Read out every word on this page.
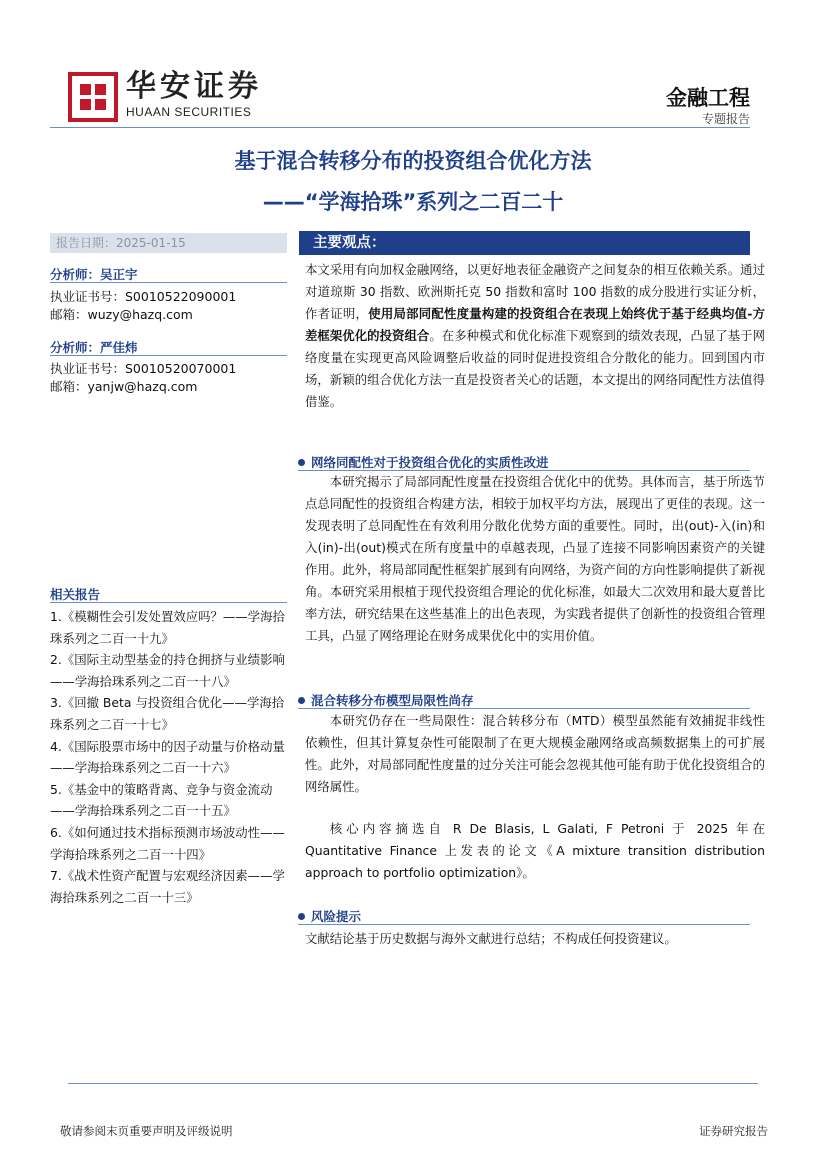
华安证券
HUAAN SECURITIES
金融工程
专题报告
基于混合转移分布的投资组合优化方法
——“学海拾珠”系列之二百二十
报告日期：2025-01-15
分析师：吴正宇
执业证书号：S0010522090001
邮箱：wuzy@hazq.com
分析师：严佳炜
执业证书号：S0010520070001
邮箱：yanjw@hazq.com
相关报告
1.《模糊性会引发处置效应吗？——学海拾珠系列之二百一十九》
2.《国际主动型基金的持仓拥挤与业绩影响——学海拾珠系列之二百一十八》
3.《回撤 Beta 与投资组合优化——学海拾珠系列之二百一十七》
4.《国际股票市场中的因子动量与价格动量——学海拾珠系列之二百一十六》
5.《基金中的策略背离、竞争与资金流动——学海拾珠系列之二百一十五》
6.《如何通过技术指标预测市场波动性——学海拾珠系列之二百一十四》
7.《战术性资产配置与宏观经济因素——学海拾珠系列之二百一十三》
主要观点：
本文采用有向加权金融网络，以更好地表征金融资产之间复杂的相互依赖关系。通过对道琼斯 30 指数、欧洲斯托克 50 指数和富时 100 指数的成分股进行实证分析，作者证明，使用局部同配性度量构建的投资组合在表现上始终优于基于经典均值-方差框架优化的投资组合。在多种模式和优化标准下观察到的绩效表现，凸显了基于网络度量在实现更高风险调整后收益的同时促进投资组合分散化的能力。回到国内市场，新颖的组合优化方法一直是投资者关心的话题，本文提出的网络同配性方法值得借鉴。
网络同配性对于投资组合优化的实质性改进
本研究揭示了局部同配性度量在投资组合优化中的优势。具体而言，基于所选节点总同配性的投资组合构建方法，相较于加权平均方法，展现出了更佳的表现。这一发现表明了总同配性在有效利用分散化优势方面的重要性。同时，出(out)-入(in)和入(in)-出(out)模式在所有度量中的卓越表现，凸显了连接不同影响因素资产的关键作用。此外，将局部同配性框架扩展到有向网络，为资产间的方向性影响提供了新视角。本研究采用根植于现代投资组合理论的优化标准，如最大二次效用和最大夏普比率方法，研究结果在这些基准上的出色表现，为实践者提供了创新性的投资组合管理工具，凸显了网络理论在财务成果优化中的实用价值。
混合转移分布模型局限性尚存
本研究仍存在一些局限性：混合转移分布（MTD）模型虽然能有效捕捉非线性依赖性，但其计算复杂性可能限制了在更大规模金融网络或高频数据集上的可扩展性。此外，对局部同配性度量的过分关注可能会忽视其他可能有助于优化投资组合的网络属性。
核心内容摘选自 R De Blasis, L Galati, F Petroni 于 2025 年在 Quantitative Finance 上发表的论文《A mixture transition distribution approach to portfolio optimization》。
风险提示
文献结论基于历史数据与海外文献进行总结；不构成任何投资建议。
敬请参阅末页重要声明及评级说明	证券研究报告
